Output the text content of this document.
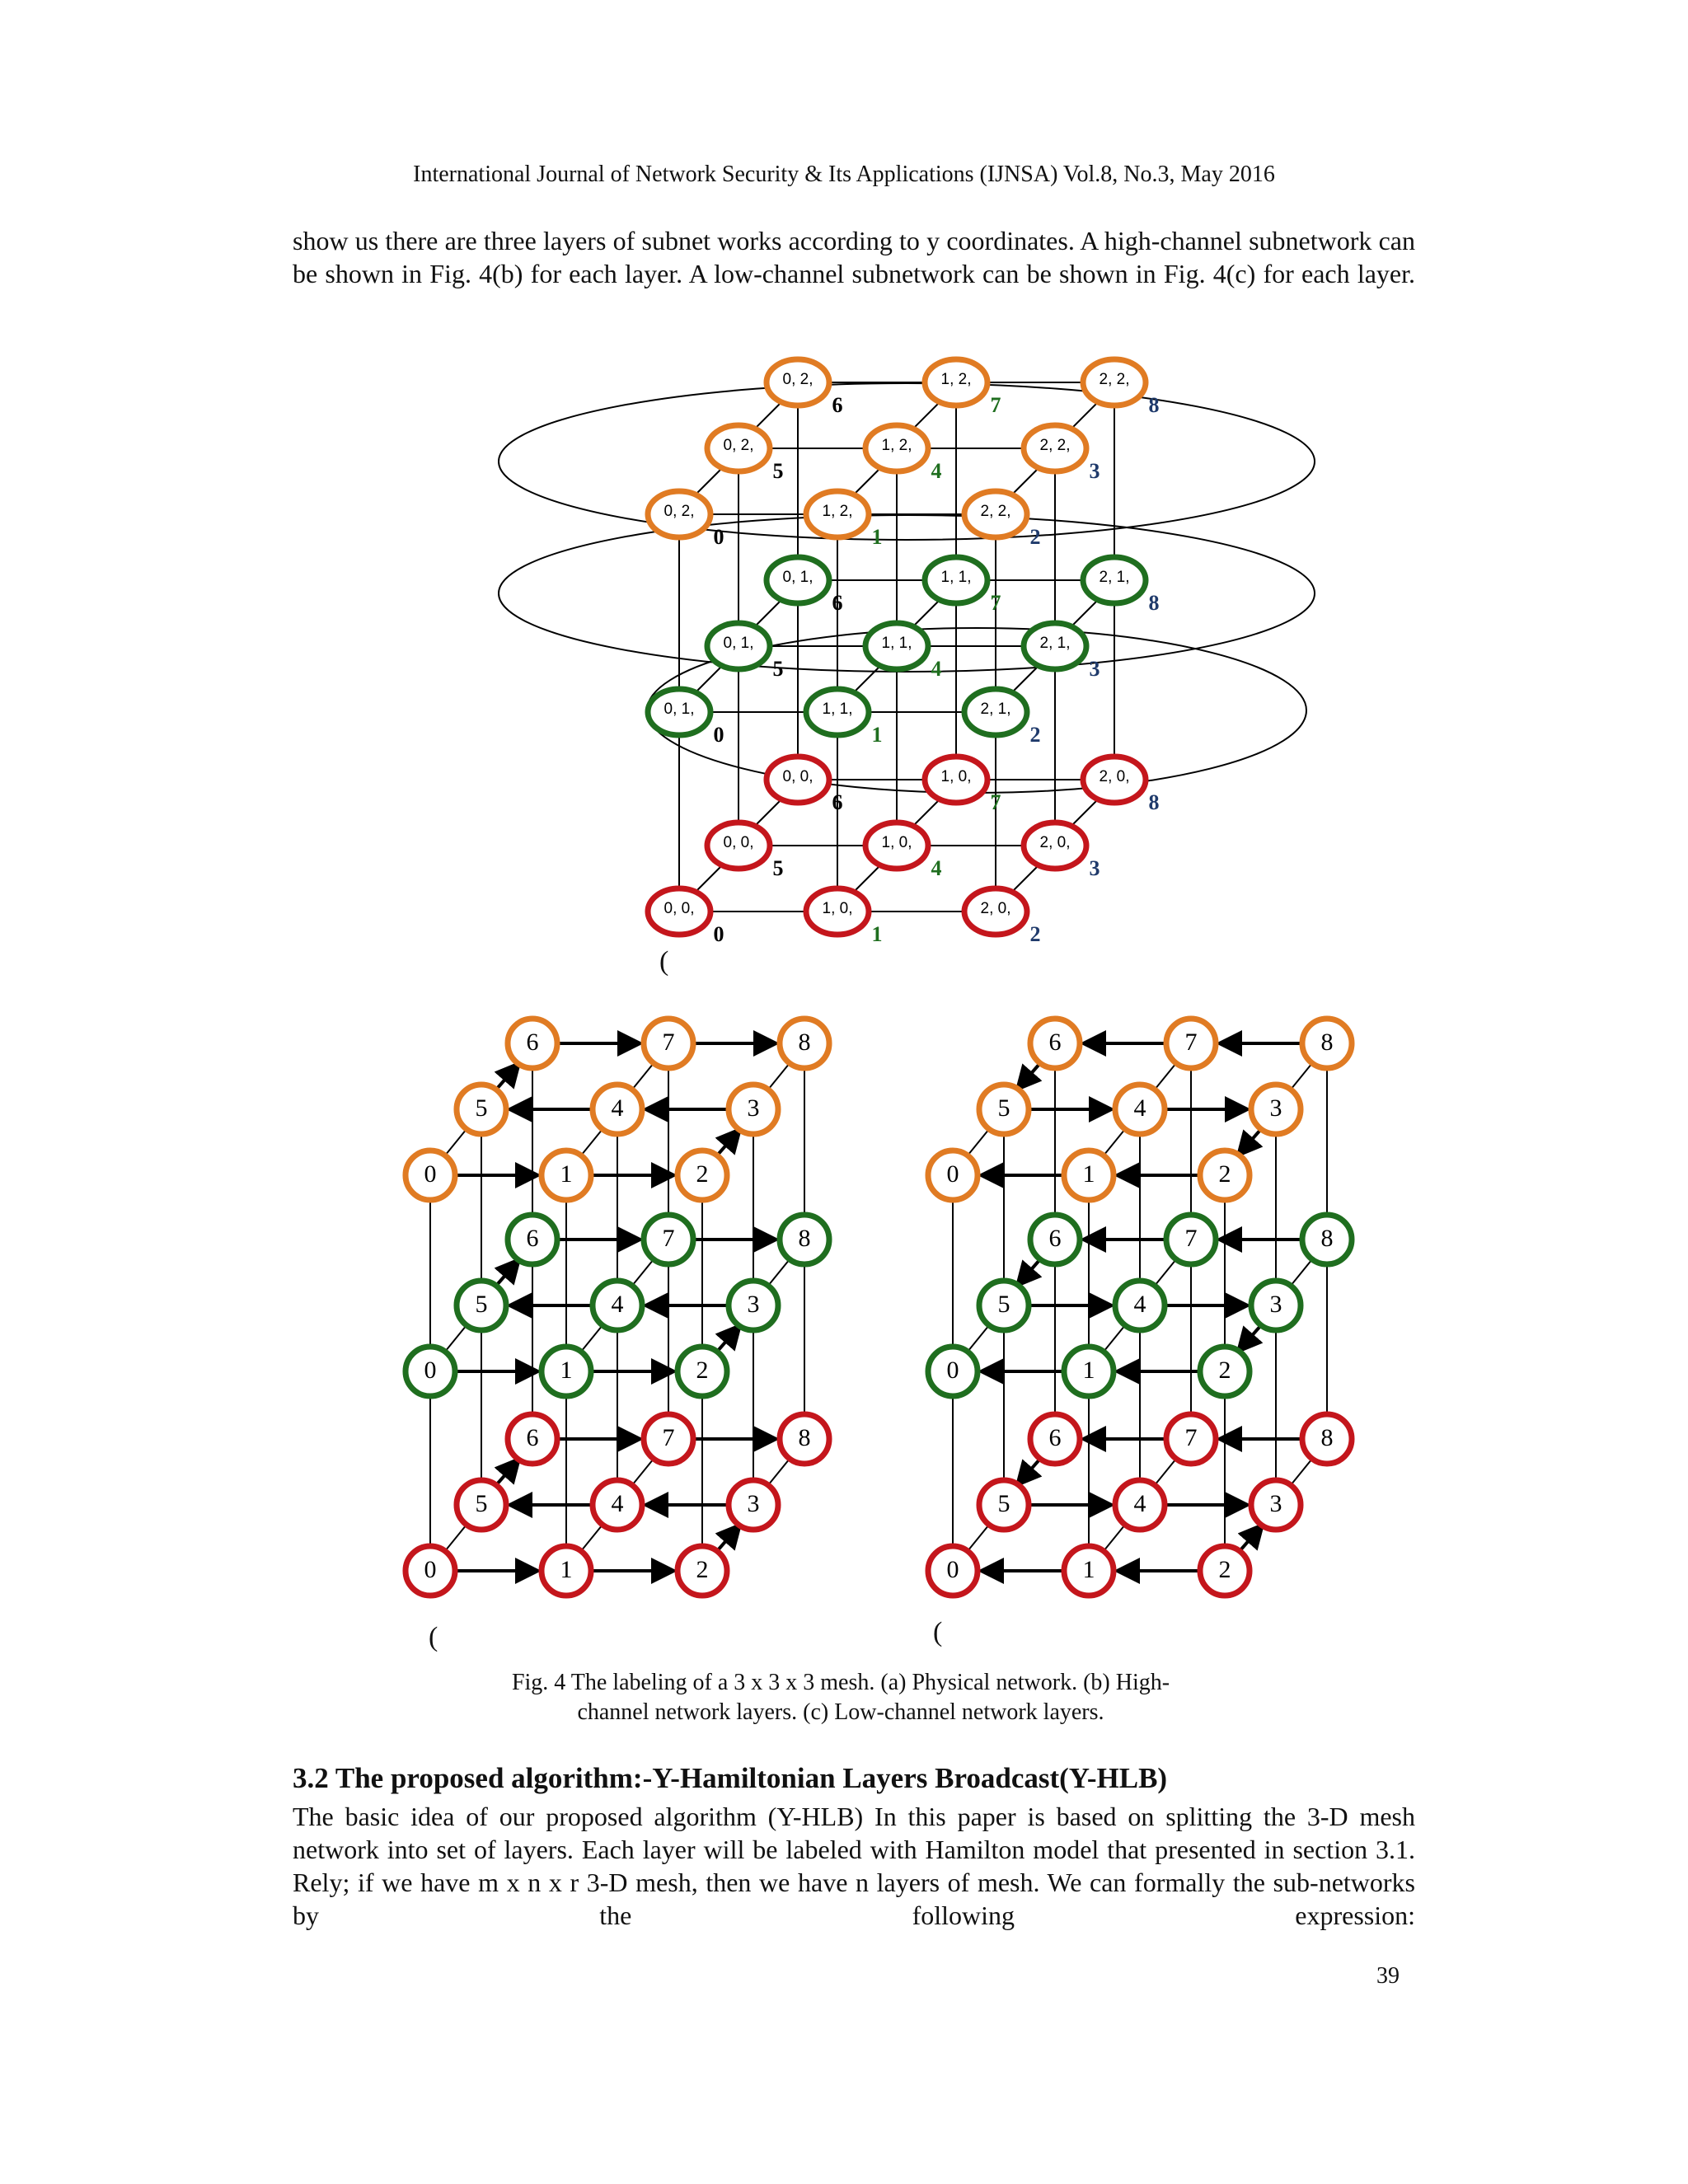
International Journal of Network Security & Its Applications (IJNSA) Vol.8, No.3, May 2016

show us there are three layers of subnet works according to y coordinates. A high-channel subnetwork can be shown in Fig. 4(b) for each layer. A low-channel subnetwork can be shown in Fig. 4(c) for each layer.

0, 2,
6
1, 2,
7
2, 2,
8
0, 2,
5
1, 2,
4
2, 2,
3
0, 2,
0
1, 2,
1
2, 2,
2
0, 1,
6
1, 1,
7
2, 1,
8
0, 1,
5
1, 1,
4
2, 1,
3
0, 1,
0
1, 1,
1
2, 1,
2
0, 0,
6
1, 0,
7
2, 0,
8
0, 0,
5
1, 0,
4
2, 0,
3
0, 0,
0
1, 0,
1
2, 0,
2
6	7	8
5	4	3
0	1	2
6	7	8
5	4	3
0	1	2
6	7	8
5	4	3
0	1	2
6	7	8
5	4	3
0	1	2
6	7	8
5	4	3
0	1	2
6	7	8
5	4	3
0	1	2
(
(	(
Fig. 4 The labeling of a 3 x 3 x 3 mesh. (a) Physical network. (b) High-
channel network layers. (c) Low-channel network layers.
3.2 The proposed algorithm:-Y-Hamiltonian Layers Broadcast(Y-HLB)

The basic idea of our proposed algorithm (Y-HLB) In this paper is based on splitting the 3-D mesh network into set of layers. Each layer will be labeled with Hamilton model that presented in section 3.1. Rely; if we have m x n x r 3-D mesh, then we have n layers of mesh. We can formally the sub-networks by the following expression:

39
